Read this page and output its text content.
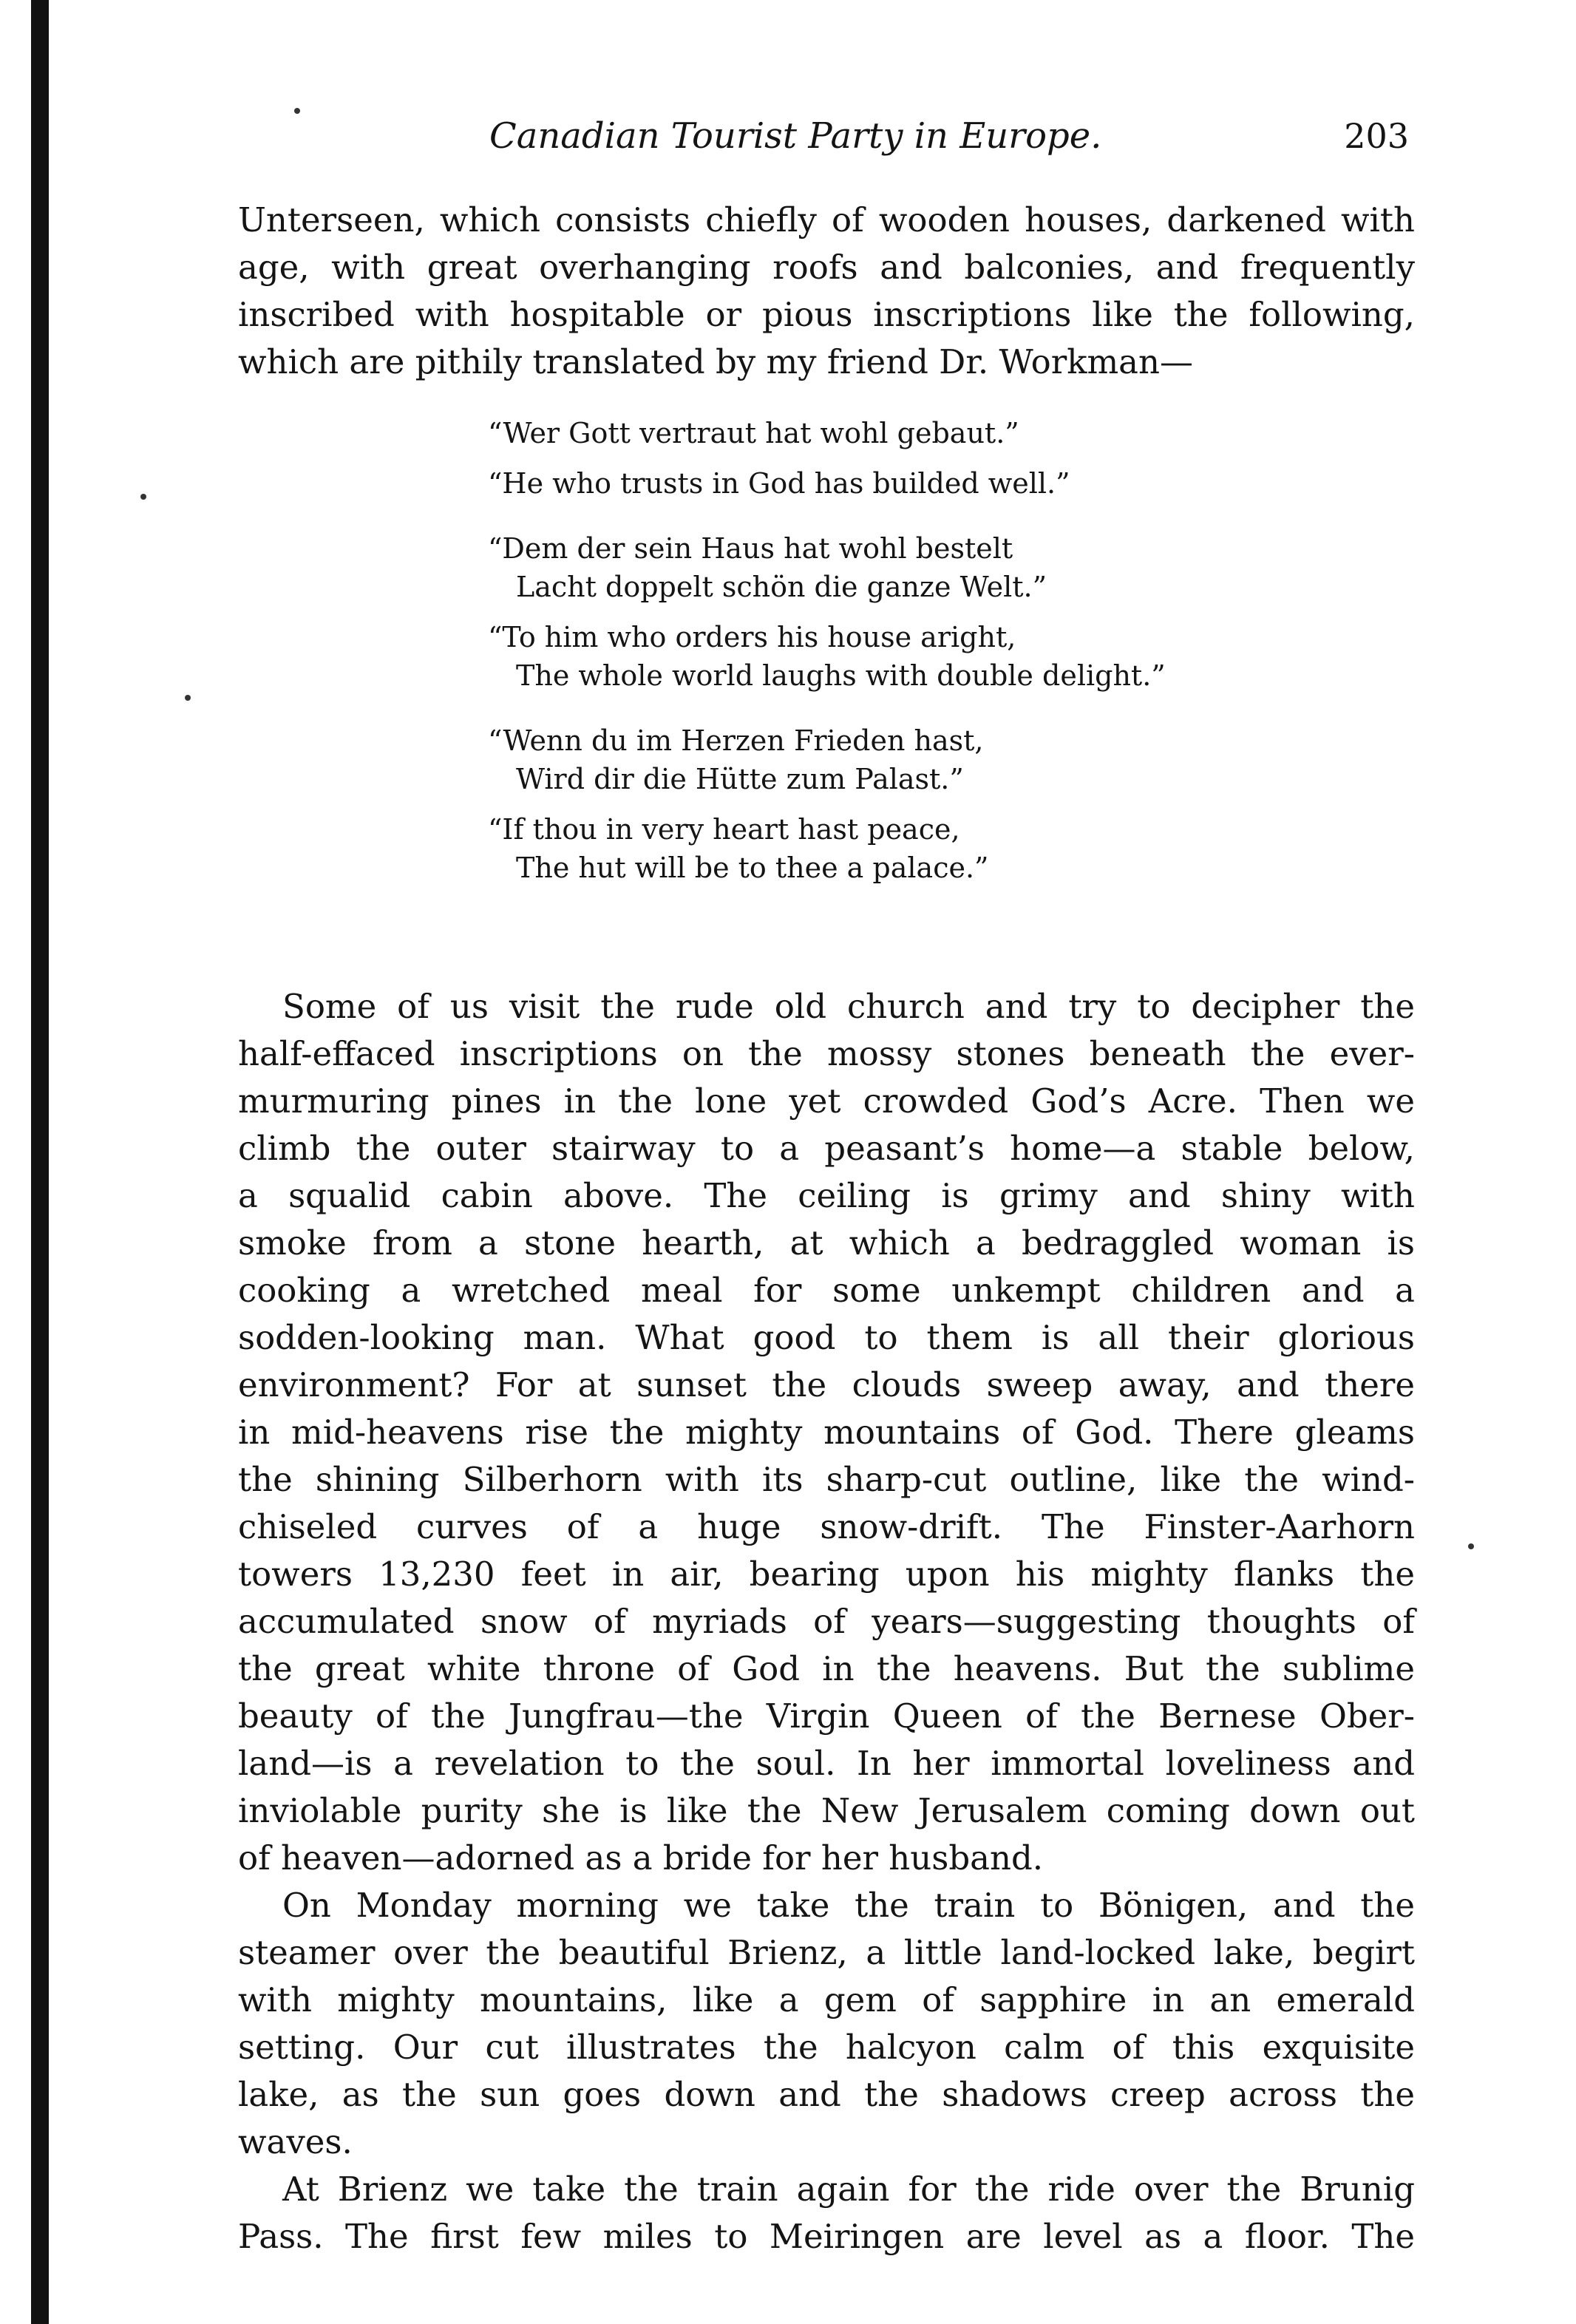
Canadian Tourist Party in Europe.	203

Unterseen, which consists chiefly of wooden houses, darkened with

age, with great overhanging roofs and balconies, and frequently

inscribed with hospitable or pious inscriptions like the following,

which are pithily translated by my friend Dr. Workman—

“Wer Gott vertraut hat wohl gebaut.”
“He who trusts in God has builded well.”
“Dem der sein Haus hat wohl bestelt
Lacht doppelt schön die ganze Welt.”
“To him who orders his house aright,
The whole world laughs with double delight.”
“Wenn du im Herzen Frieden hast,
Wird dir die Hütte zum Palast.”
“If thou in very heart hast peace,
The hut will be to thee a palace.”

Some of us visit the rude old church and try to decipher the

half-effaced inscriptions on the mossy stones beneath the ever-

murmuring pines in the lone yet crowded God’s Acre. Then we

climb the outer stairway to a peasant’s home—a stable below,

a squalid cabin above. The ceiling is grimy and shiny with

smoke from a stone hearth, at which a bedraggled woman is

cooking a wretched meal for some unkempt children and a

sodden-looking man. What good to them is all their glorious

environment? For at sunset the clouds sweep away, and there

in mid-heavens rise the mighty mountains of God. There gleams

the shining Silberhorn with its sharp-cut outline, like the wind-

chiseled curves of a huge snow-drift. The Finster-Aarhorn

towers 13,230 feet in air, bearing upon his mighty flanks the

accumulated snow of myriads of years—suggesting thoughts of

the great white throne of God in the heavens. But the sublime

beauty of the Jungfrau—the Virgin Queen of the Bernese Ober-

land—is a revelation to the soul. In her immortal loveliness and

inviolable purity she is like the New Jerusalem coming down out

of heaven—adorned as a bride for her husband.

On Monday morning we take the train to Bönigen, and the

steamer over the beautiful Brienz, a little land-locked lake, begirt

with mighty mountains, like a gem of sapphire in an emerald

setting. Our cut illustrates the halcyon calm of this exquisite

lake, as the sun goes down and the shadows creep across the

waves.

At Brienz we take the train again for the ride over the Brunig

Pass. The first few miles to Meiringen are level as a floor. The
